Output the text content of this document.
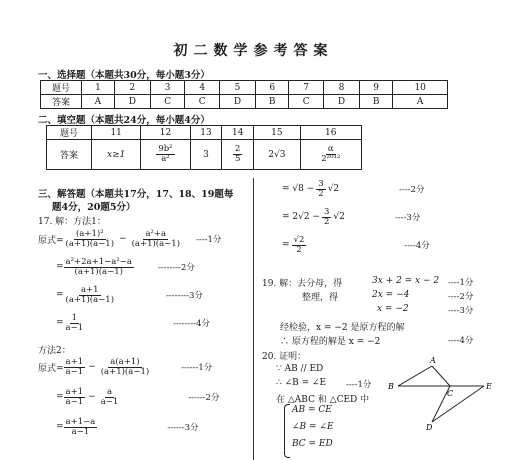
初二数学参考答案
一、选择题（本题共30分，每小题3分）
题号	1	2	3	4	5	6	7	8	9	10
答案	A	D	C	C	D	B	C	D	B	A
二、填空题（本题共24分，每小题4分）
题号	11	12	13	14	15	16
答案	x≥1	$\frac{\text{9b²}}{\text{a²}}$	3	$\frac{2}{5}$	2√3	$\frac{\alpha}{\text{2²⁰¹²}}$
三、解答题（本题共17分，17、18、19题每
题4分，20题5分）
17. 解：方法1：
原式= $\frac{\text{(a+1)²}}{(a+1)(a-1)} - \frac{\text{a²+a}}{(a+1)(a-1)} ----1$分
= $\frac{\text{a²+2a+1−a²−a}}{(a+1)(a-1)}$	--------2分
= $\frac{a+1}{(a+1)(a-1)}$	--------3分
= $\frac{1}{a-1}$	--------4分
方法2：
原式= $\frac{a+1}{a-1} - \frac{a(a+1)}{(a+1)(a-1)}$	------1分
= $\frac{a+1}{a-1} - \frac{a}{a-1}$	------2分
= $\frac{a+1-a}{a-1}$	------3分
= $√8 - \frac{3}{2} √2$	----2分
= $2√2 - \frac{3}{2} √2$	----3分
= $\frac{√2}{2}$	----4分
19. 解：去分母，得	3x + 2 = x − 2 ----1分
整理，得	2x = −4	----2分
x = −2	----3分
经检验，x = −2 是原方程的解
∴ 原方程的解是 x = −2	----4分
20. 证明：
∵ AB // ED
∴ ∠B = ∠E ----1分
在 △ABC 和 △CED 中
AB = CE
∠B = ∠E
BC = ED
A
B
C
E
D
